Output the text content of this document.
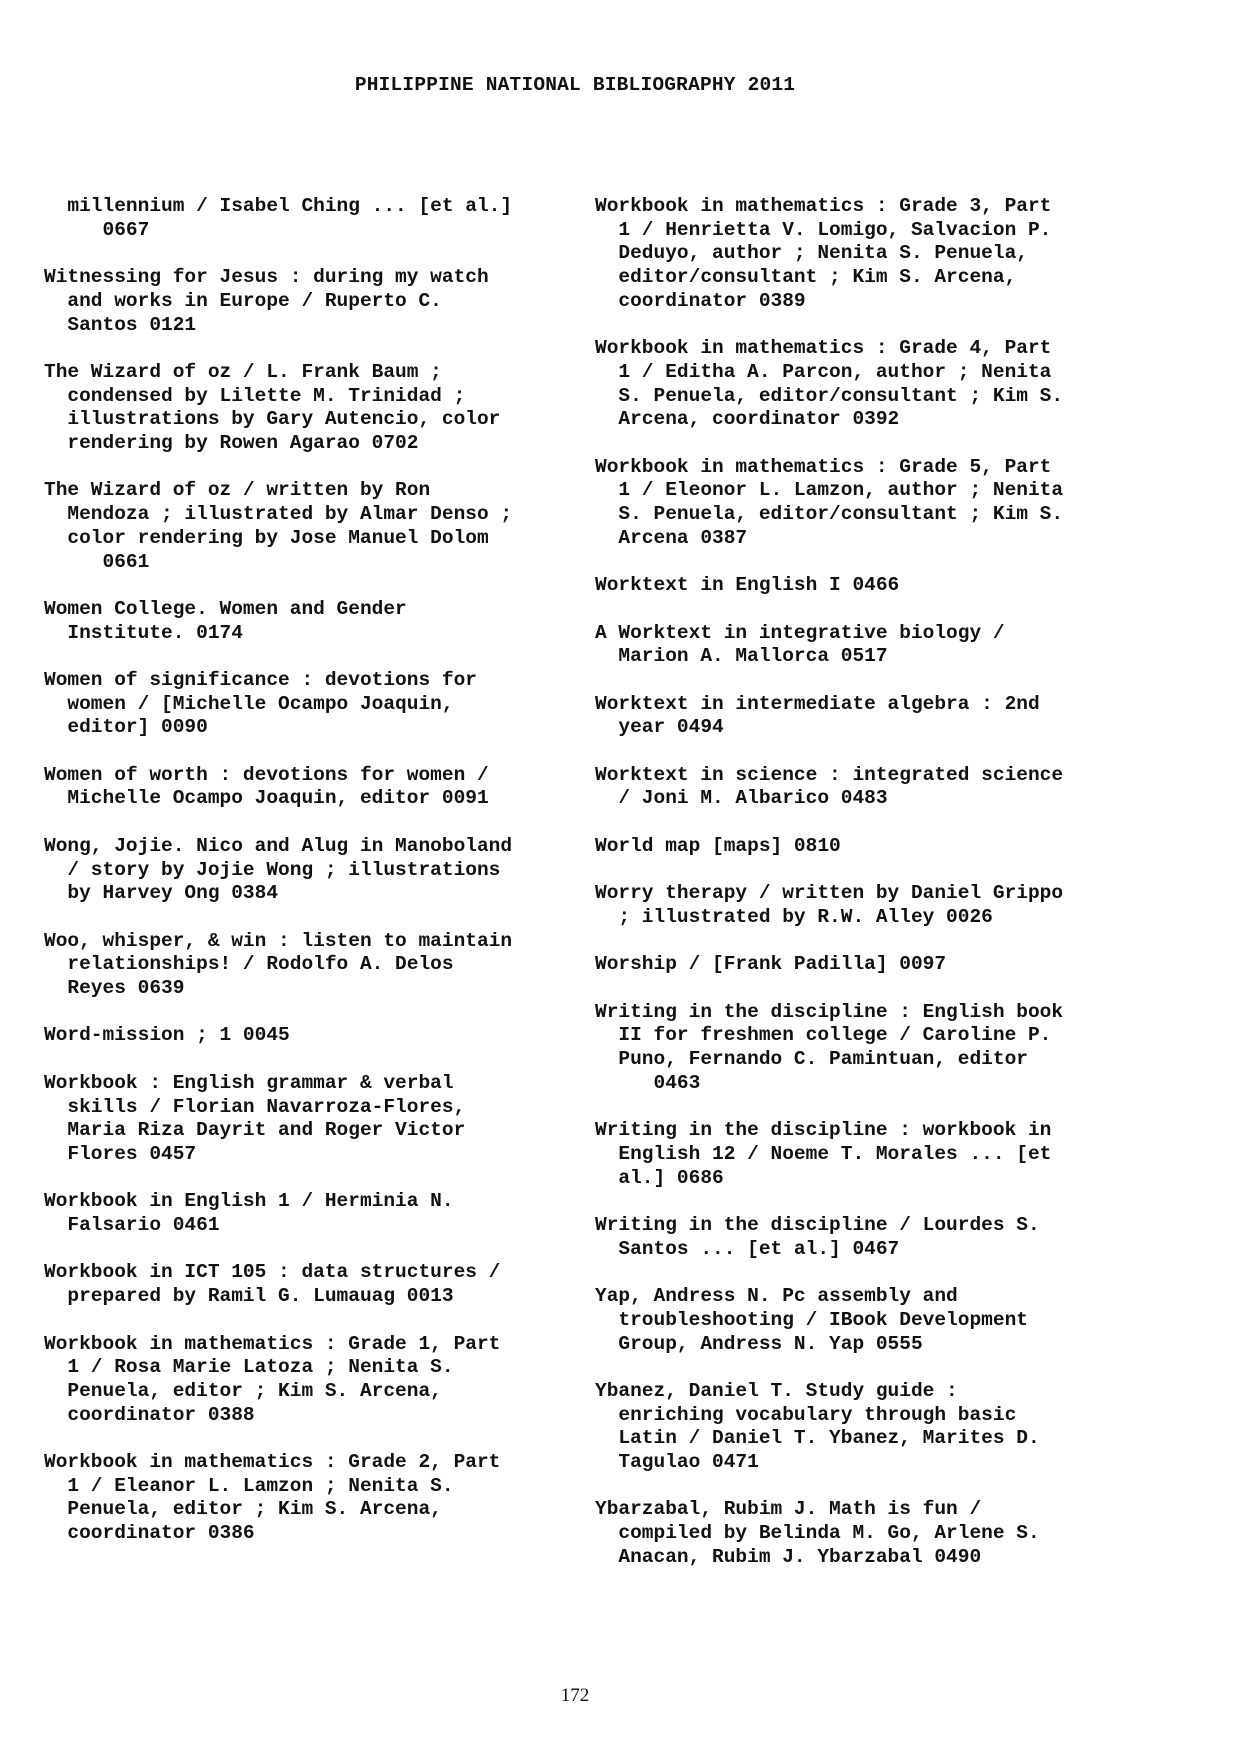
PHILIPPINE NATIONAL BIBLIOGRAPHY 2011
millennium / Isabel Ching ... [et al.]
0667
Witnessing for Jesus : during my watch
and works in Europe / Ruperto C.
Santos 0121
The Wizard of oz / L. Frank Baum ;
condensed by Lilette M. Trinidad ;
illustrations by Gary Autencio, color
rendering by Rowen Agarao 0702
The Wizard of oz / written by Ron
Mendoza ; illustrated by Almar Denso ;
color rendering by Jose Manuel Dolom
0661
Women College. Women and Gender
Institute. 0174
Women of significance : devotions for
women / [Michelle Ocampo Joaquin,
editor] 0090
Women of worth : devotions for women /
Michelle Ocampo Joaquin, editor 0091
Wong, Jojie. Nico and Alug in Manoboland
/ story by Jojie Wong ; illustrations
by Harvey Ong 0384
Woo, whisper, & win : listen to maintain
relationships! / Rodolfo A. Delos
Reyes 0639
Word-mission ; 1 0045
Workbook : English grammar & verbal
skills / Florian Navarroza-Flores,
Maria Riza Dayrit and Roger Victor
Flores 0457
Workbook in English 1 / Herminia N.
Falsario 0461
Workbook in ICT 105 : data structures /
prepared by Ramil G. Lumauag 0013
Workbook in mathematics : Grade 1, Part
1 / Rosa Marie Latoza ; Nenita S.
Penuela, editor ; Kim S. Arcena,
coordinator 0388
Workbook in mathematics : Grade 2, Part
1 / Eleanor L. Lamzon ; Nenita S.
Penuela, editor ; Kim S. Arcena,
coordinator 0386
Workbook in mathematics : Grade 3, Part
1 / Henrietta V. Lomigo, Salvacion P.
Deduyo, author ; Nenita S. Penuela,
editor/consultant ; Kim S. Arcena,
coordinator 0389
Workbook in mathematics : Grade 4, Part
1 / Editha A. Parcon, author ; Nenita
S. Penuela, editor/consultant ; Kim S.
Arcena, coordinator 0392
Workbook in mathematics : Grade 5, Part
1 / Eleonor L. Lamzon, author ; Nenita
S. Penuela, editor/consultant ; Kim S.
Arcena 0387
Worktext in English I 0466
A Worktext in integrative biology /
Marion A. Mallorca 0517
Worktext in intermediate algebra : 2nd
year 0494
Worktext in science : integrated science
/ Joni M. Albarico 0483
World map [maps] 0810
Worry therapy / written by Daniel Grippo
; illustrated by R.W. Alley 0026
Worship / [Frank Padilla] 0097
Writing in the discipline : English book
II for freshmen college / Caroline P.
Puno, Fernando C. Pamintuan, editor
0463
Writing in the discipline : workbook in
English 12 / Noeme T. Morales ... [et
al.] 0686
Writing in the discipline / Lourdes S.
Santos ... [et al.] 0467
Yap, Andress N. Pc assembly and
troubleshooting / IBook Development
Group, Andress N. Yap 0555
Ybanez, Daniel T. Study guide :
enriching vocabulary through basic
Latin / Daniel T. Ybanez, Marites D.
Tagulao 0471
Ybarzabal, Rubim J. Math is fun /
compiled by Belinda M. Go, Arlene S.
Anacan, Rubim J. Ybarzabal 0490
172
